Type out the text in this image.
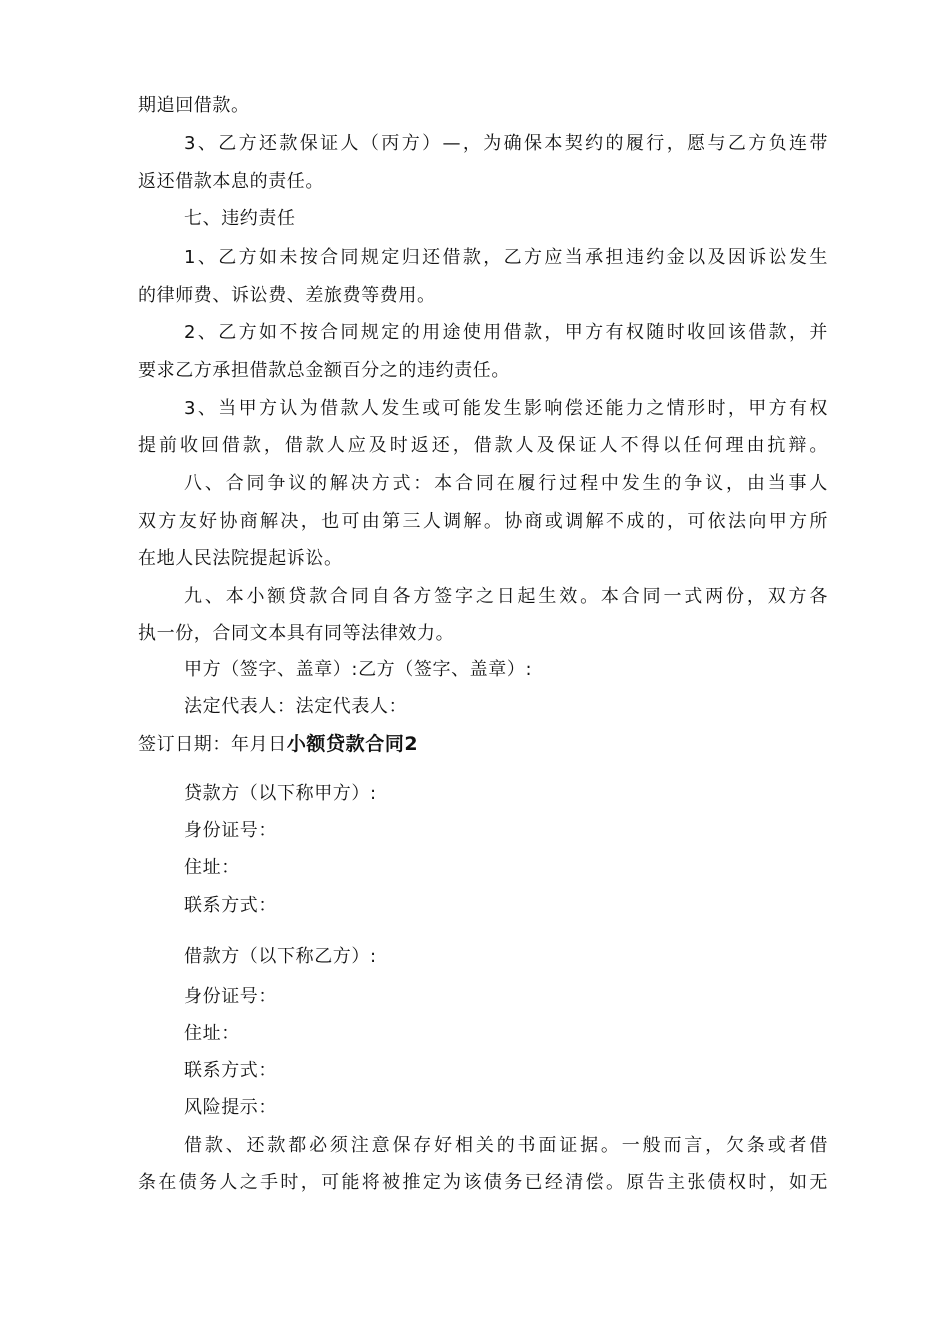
期追回借款。
3、乙方还款保证人（丙方）—，为确保本契约的履行，愿与乙方负连带
返还借款本息的责任。
七、违约责任
1、乙方如未按合同规定归还借款，乙方应当承担违约金以及因诉讼发生
的律师费、诉讼费、差旅费等费用。
2、乙方如不按合同规定的用途使用借款，甲方有权随时收回该借款，并
要求乙方承担借款总金额百分之的违约责任。
3、当甲方认为借款人发生或可能发生影响偿还能力之情形时，甲方有权
提前收回借款，借款人应及时返还，借款人及保证人不得以任何理由抗辩。
八、合同争议的解决方式：本合同在履行过程中发生的争议，由当事人
双方友好协商解决，也可由第三人调解。协商或调解不成的，可依法向甲方所
在地人民法院提起诉讼。
九、本小额贷款合同自各方签字之日起生效。本合同一式两份，双方各
执一份，合同文本具有同等法律效力。
甲方（签字、盖章）:乙方（签字、盖章）:
法定代表人：法定代表人：
签订日期：年月日小额贷款合同2
贷款方（以下称甲方）:
身份证号：
住址：
联系方式：
借款方（以下称乙方）:
身份证号：
住址：
联系方式：
风险提示：
借款、还款都必须注意保存好相关的书面证据。一般而言，欠条或者借
条在债务人之手时，可能将被推定为该债务已经清偿。原告主张债权时，如无
